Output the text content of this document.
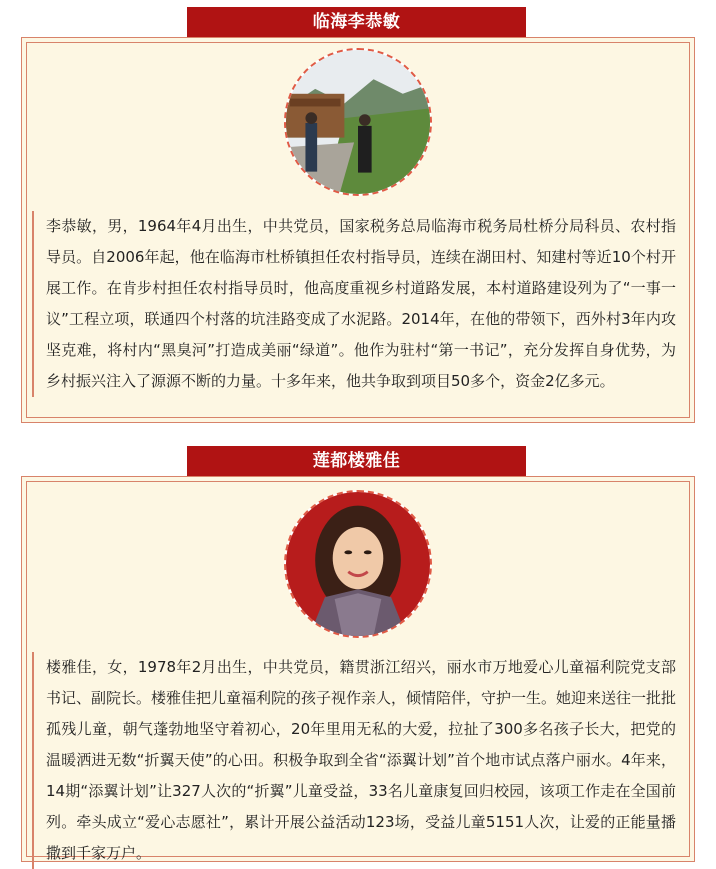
临海李恭敏

李恭敏，男，1964年4月出生，中共党员，国家税务总局临海市税务局杜桥分局科员、农村指导员。自2006年起，他在临海市杜桥镇担任农村指导员，连续在湖田村、知建村等近10个村开展工作。在肯步村担任农村指导员时，他高度重视乡村道路发展，本村道路建设列为了“一事一议”工程立项，联通四个村落的坑洼路变成了水泥路。2014年，在他的带领下，西外村3年内攻坚克难，将村内“黑臭河”打造成美丽“绿道”。他作为驻村“第一书记”，充分发挥自身优势，为乡村振兴注入了源源不断的力量。十多年来，他共争取到项目50多个，资金2亿多元。

莲都楼雅佳

楼雅佳，女，1978年2月出生，中共党员，籍贯浙江绍兴，丽水市万地爱心儿童福利院党支部书记、副院长。楼雅佳把儿童福利院的孩子视作亲人，倾情陪伴，守护一生。她迎来送往一批批孤残儿童，朝气蓬勃地坚守着初心，20年里用无私的大爱，拉扯了300多名孩子长大，把党的温暖洒进无数“折翼天使”的心田。积极争取到全省“添翼计划”首个地市试点落户丽水。4年来，14期“添翼计划”让327人次的“折翼”儿童受益，33名儿童康复回归校园，该项工作走在全国前列。牵头成立“爱心志愿社”，累计开展公益活动123场，受益儿童5151人次，让爱的正能量播撒到千家万户。
